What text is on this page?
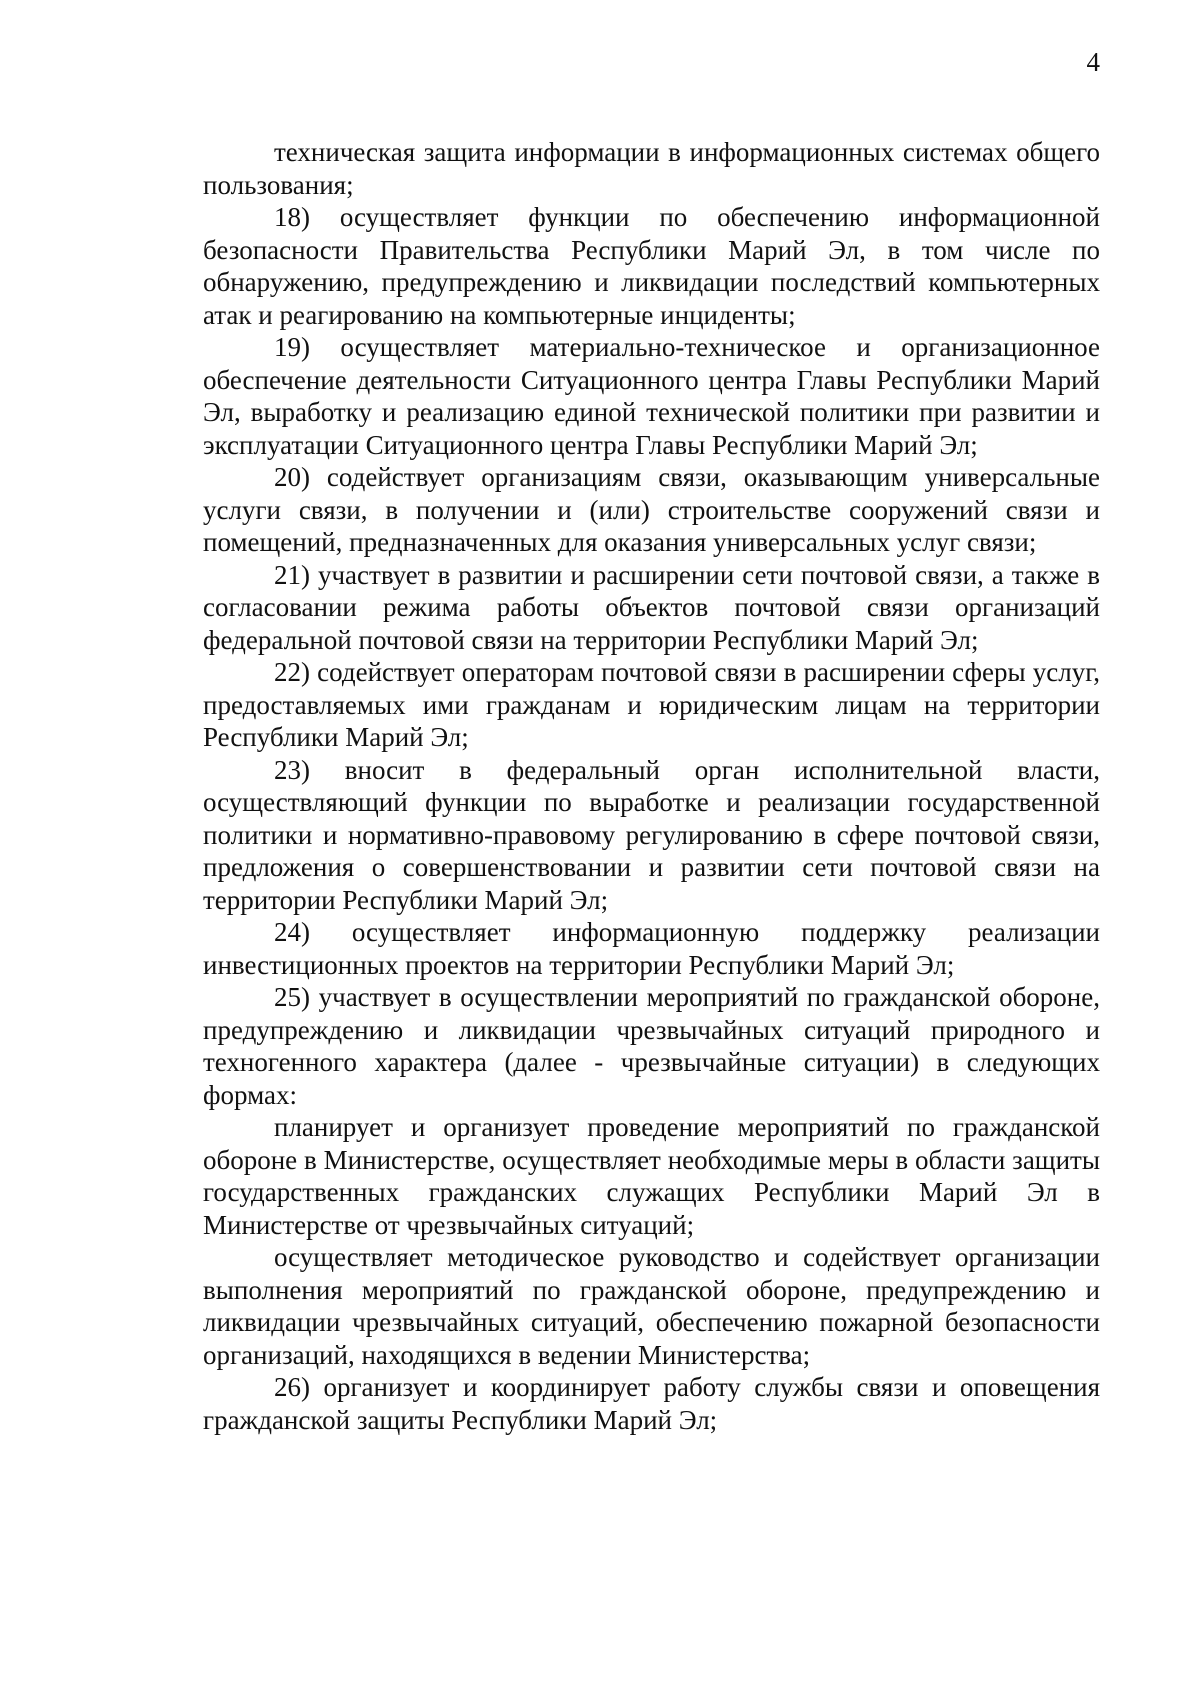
4

техническая защита информации в информационных системах общего пользования;

18) осуществляет функции по обеспечению информационной безопасности Правительства Республики Марий Эл, в том числе по обнаружению, предупреждению и ликвидации последствий компьютерных атак и реагированию на компьютерные инциденты;

19) осуществляет материально-техническое и организационное обеспечение деятельности Ситуационного центра Главы Республики Марий Эл, выработку и реализацию единой технической политики при развитии и эксплуатации Ситуационного центра Главы Республики Марий Эл;

20) содействует организациям связи, оказывающим универсальные услуги связи, в получении и (или) строительстве сооружений связи и помещений, предназначенных для оказания универсальных услуг связи;

21) участвует в развитии и расширении сети почтовой связи, а также в согласовании режима работы объектов почтовой связи организаций федеральной почтовой связи на территории Республики Марий Эл;

22) содействует операторам почтовой связи в расширении сферы услуг, предоставляемых ими гражданам и юридическим лицам на территории Республики Марий Эл;

23) вносит в федеральный орган исполнительной власти, осуществляющий функции по выработке и реализации государственной политики и нормативно-правовому регулированию в сфере почтовой связи, предложения о совершенствовании и развитии сети почтовой связи на территории Республики Марий Эл;

24) осуществляет информационную поддержку реализации инвестиционных проектов на территории Республики Марий Эл;

25) участвует в осуществлении мероприятий по гражданской обороне, предупреждению и ликвидации чрезвычайных ситуаций природного и техногенного характера (далее - чрезвычайные ситуации) в следующих формах:

планирует и организует проведение мероприятий по гражданской обороне в Министерстве, осуществляет необходимые меры в области защиты государственных гражданских служащих Республики Марий Эл в Министерстве от чрезвычайных ситуаций;

осуществляет методическое руководство и содействует организации выполнения мероприятий по гражданской обороне, предупреждению и ликвидации чрезвычайных ситуаций, обеспечению пожарной безопасности организаций, находящихся в ведении Министерства;

26) организует и координирует работу службы связи и оповещения гражданской защиты Республики Марий Эл;
